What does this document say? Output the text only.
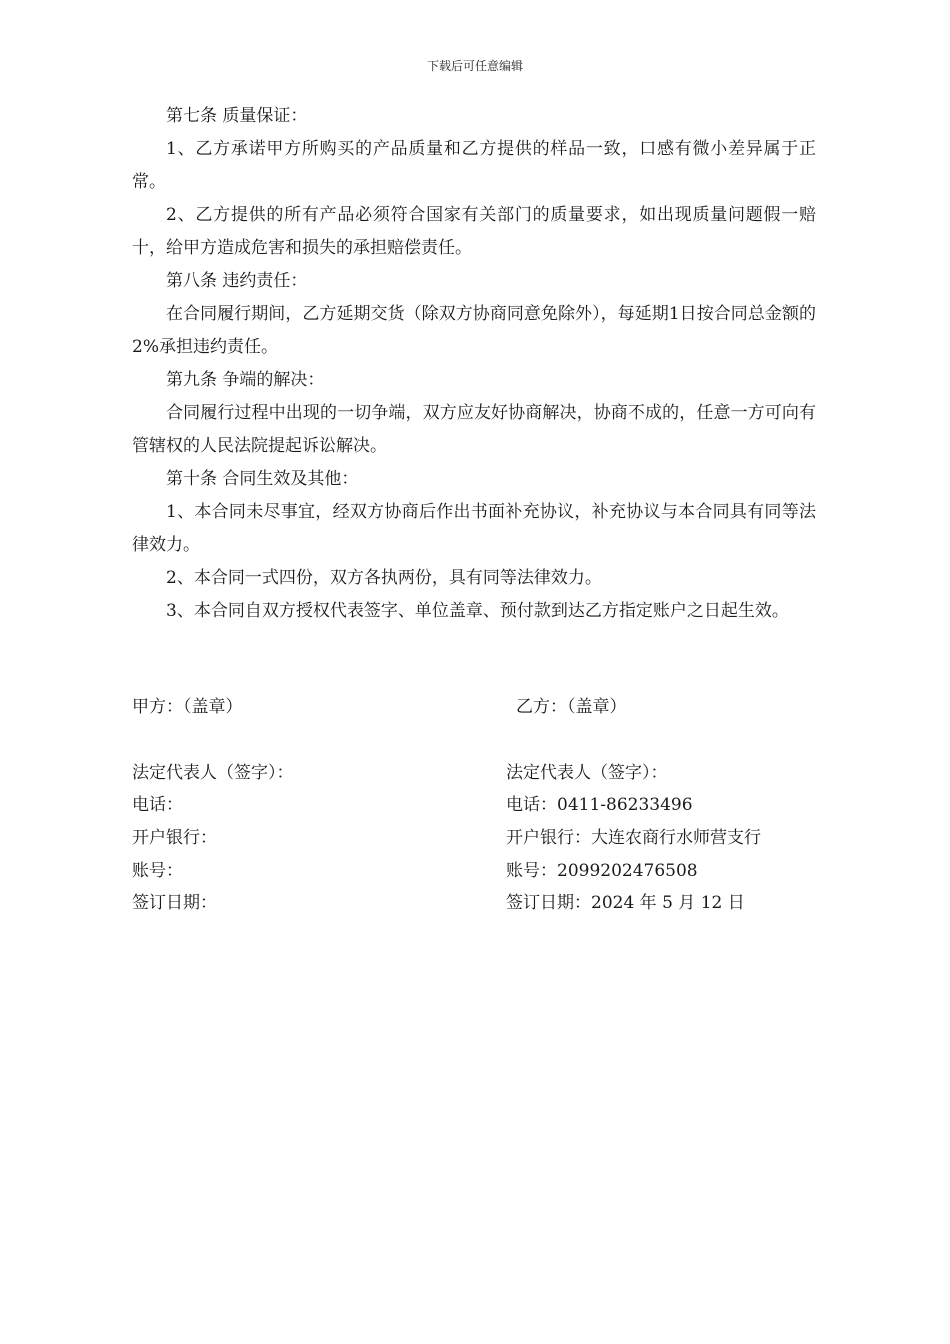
下载后可任意编辑

第七条 质量保证：

1、乙方承诺甲方所购买的产品质量和乙方提供的样品一致，口感有微小差异属于正常。

2、乙方提供的所有产品必须符合国家有关部门的质量要求，如出现质量问题假一赔十，给甲方造成危害和损失的承担赔偿责任。

第八条 违约责任：

在合同履行期间，乙方延期交货（除双方协商同意免除外），每延期1日按合同总金额的2%承担违约责任。

第九条 争端的解决：

合同履行过程中出现的一切争端，双方应友好协商解决，协商不成的，任意一方可向有管辖权的人民法院提起诉讼解决。

第十条 合同生效及其他：

1、本合同未尽事宜，经双方协商后作出书面补充协议，补充协议与本合同具有同等法律效力。

2、本合同一式四份，双方各执两份，具有同等法律效力。

3、本合同自双方授权代表签字、单位盖章、预付款到达乙方指定账户之日起生效。

甲方：（盖章）
法定代表人（签字）：
电话：
开户银行：
账号：
签订日期：
乙方：（盖章）
法定代表人（签字）：
电话：0411-86233496
开户银行：大连农商行水师营支行
账号：2099202476508
签订日期：2024 年 5 月 12 日
